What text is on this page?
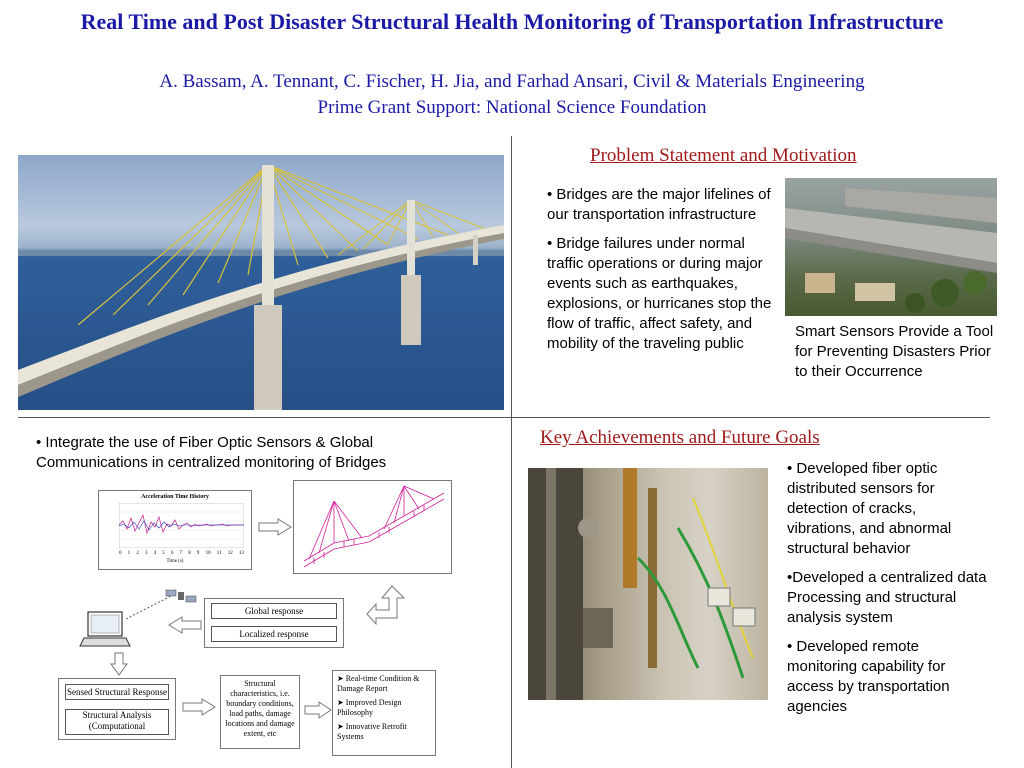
Real Time and Post Disaster Structural Health Monitoring of Transportation Infrastructure
A. Bassam, A. Tennant, C. Fischer, H. Jia, and Farhad Ansari, Civil & Materials Engineering
Prime Grant Support: National Science Foundation
Problem Statement and Motivation

• Bridges are the major lifelines of our transportation infrastructure

• Bridge failures under normal traffic operations or during major events such as earthquakes, explosions, or hurricanes stop the flow of traffic, affect safety, and mobility of the traveling public

Smart Sensors Provide a Tool for Preventing Disasters Prior to their Occurrence
• Integrate the use of Fiber Optic Sensors & Global Communications in centralized monitoring of Bridges
Acceleration Time History
0 1 2 3 4 5 6 7 8 9 10 11 12 13
Time (s)
Global response
Localized response
Sensed Structural Response
Structural Analysis (Computational
Structural characteristics, i.e. boundary conditions, load paths, damage locations and damage extent, etc
➤ Real-time Condition & Damage Report
➤ Improved Design Philosophy
➤ Innovative Retrofit Systems
Key Achievements and Future Goals

• Developed fiber optic distributed sensors for detection of cracks, vibrations, and abnormal structural behavior

•Developed a centralized data Processing and structural analysis system

• Developed remote monitoring capability for access by transportation agencies
